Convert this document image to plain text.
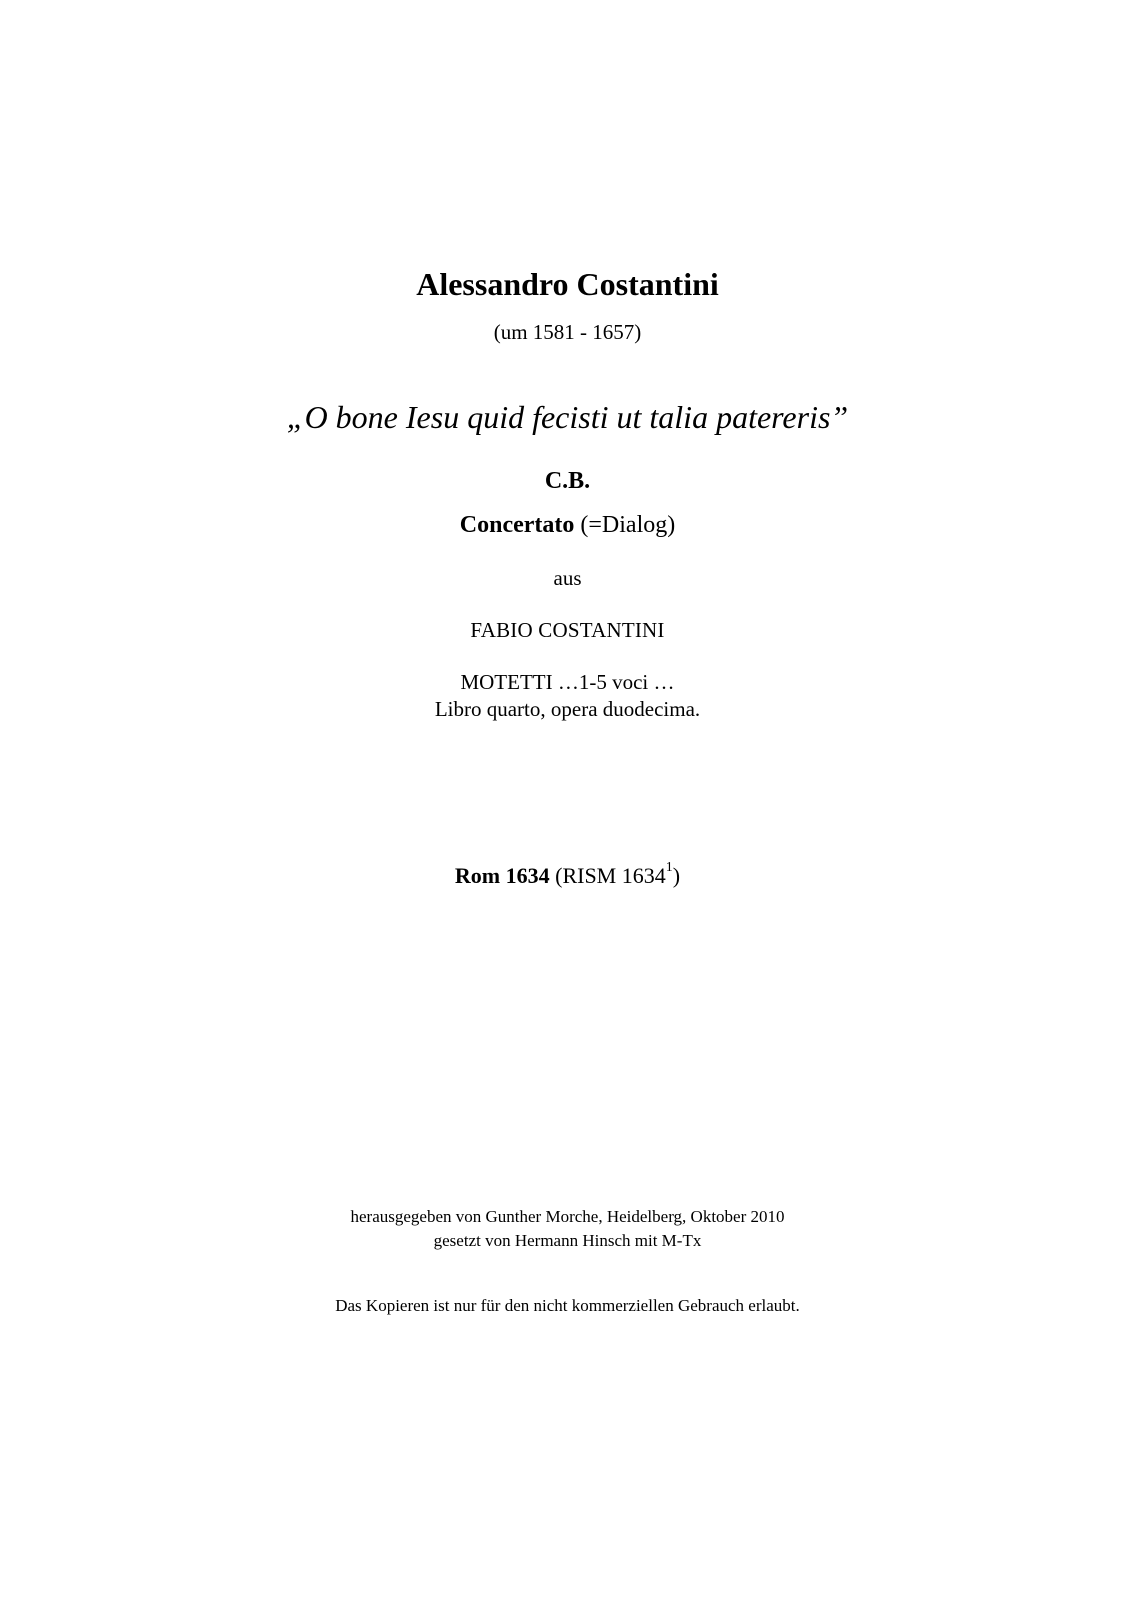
Alessandro Costantini
(um 1581 - 1657)
„O bone Iesu quid fecisti ut talia patereris”
C.B.
Concertato (=Dialog)
aus
FABIO COSTANTINI
MOTETTI …1-5 voci …
Libro quarto, opera duodecima.
Rom 1634 (RISM 1634$^1$)
herausgegeben von Gunther Morche, Heidelberg, Oktober 2010
gesetzt von Hermann Hinsch mit M-Tx
Das Kopieren ist nur für den nicht kommerziellen Gebrauch erlaubt.
